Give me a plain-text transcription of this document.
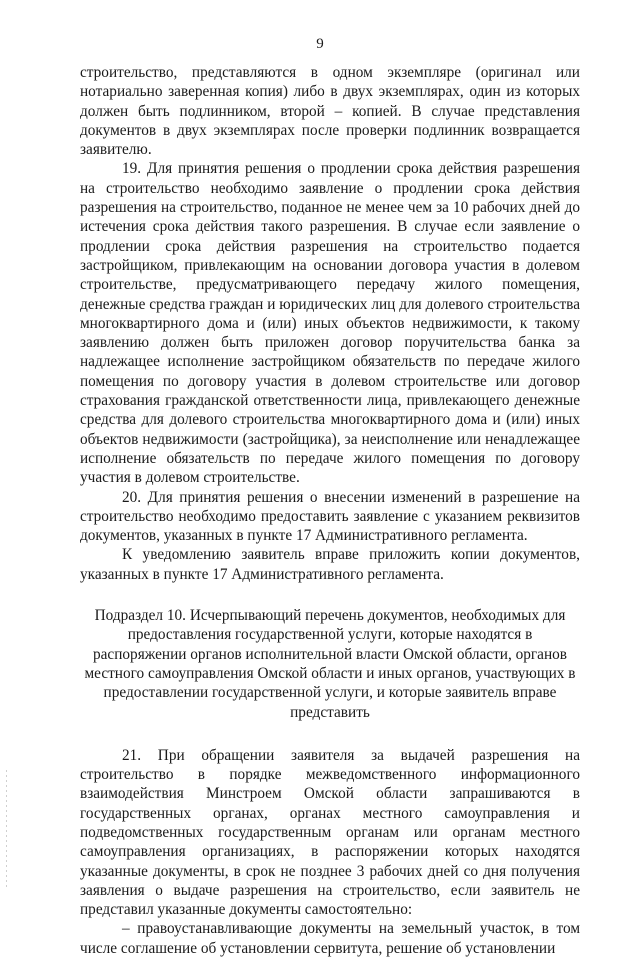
9

строительство, представляются в одном экземпляре (оригинал или нотариально заверенная копия) либо в двух экземплярах, один из которых должен быть подлинником, второй – копией. В случае представления документов в двух экземплярах после проверки подлинник возвращается заявителю.

19. Для принятия решения о продлении срока действия разрешения на строительство необходимо заявление о продлении срока действия разрешения на строительство, поданное не менее чем за 10 рабочих дней до истечения срока действия такого разрешения. В случае если заявление о продлении срока действия разрешения на строительство подается застройщиком, привлекающим на основании договора участия в долевом строительстве, предусматривающего передачу жилого помещения, денежные средства граждан и юридических лиц для долевого строительства многоквартирного дома и (или) иных объектов недвижимости, к такому заявлению должен быть приложен договор поручительства банка за надлежащее исполнение застройщиком обязательств по передаче жилого помещения по договору участия в долевом строительстве или договор страхования гражданской ответственности лица, привлекающего денежные средства для долевого строительства многоквартирного дома и (или) иных объектов недвижимости (застройщика), за неисполнение или ненадлежащее исполнение обязательств по передаче жилого помещения по договору участия в долевом строительстве.

20. Для принятия решения о внесении изменений в разрешение на строительство необходимо предоставить заявление с указанием реквизитов документов, указанных в пункте 17 Административного регламента.

К уведомлению заявитель вправе приложить копии документов, указанных в пункте 17 Административного регламента.

Подраздел 10. Исчерпывающий перечень документов, необходимых для предоставления государственной услуги, которые находятся в распоряжении органов исполнительной власти Омской области, органов местного самоуправления Омской области и иных органов, участвующих в предоставлении государственной услуги, и которые заявитель вправе представить

21. При обращении заявителя за выдачей разрешения на строительство в порядке межведомственного информационного взаимодействия Минстроем Омской области запрашиваются в государственных органах, органах местного самоуправления и подведомственных государственным органам или органам местного самоуправления организациях, в распоряжении которых находятся указанные документы, в срок не позднее 3 рабочих дней со дня получения заявления о выдаче разрешения на строительство, если заявитель не представил указанные документы самостоятельно:

– правоустанавливающие документы на земельный участок, в том числе соглашение об установлении сервитута, решение об установлении
